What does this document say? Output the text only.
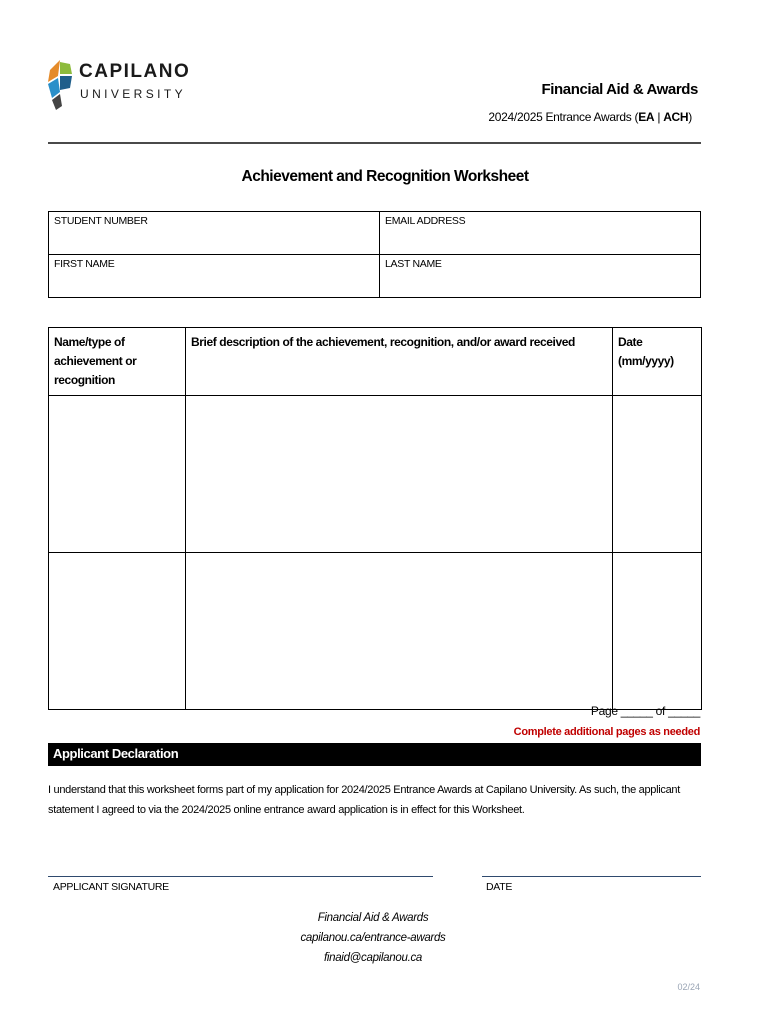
CAPILANO
UNIVERSITY	Financial Aid & Awards
2024/2025 Entrance Awards (EA | ACH)
Achievement and Recognition Worksheet
STUDENT NUMBER	EMAIL ADDRESS
FIRST NAME	LAST NAME
Name/type of achievement or recognition	Brief description of the achievement, recognition, and/or award received	Date (mm/yyyy)

Page _____ of _____
Complete additional pages as needed
Applicant Declaration
I understand that this worksheet forms part of my application for 2024/2025 Entrance Awards at Capilano University. As such, the applicant statement I agreed to via the 2024/2025 online entrance award application is in effect for this Worksheet.
APPLICANT SIGNATURE	DATE
Financial Aid & Awards
capilanou.ca/entrance-awards
finaid@capilanou.ca
02/24
